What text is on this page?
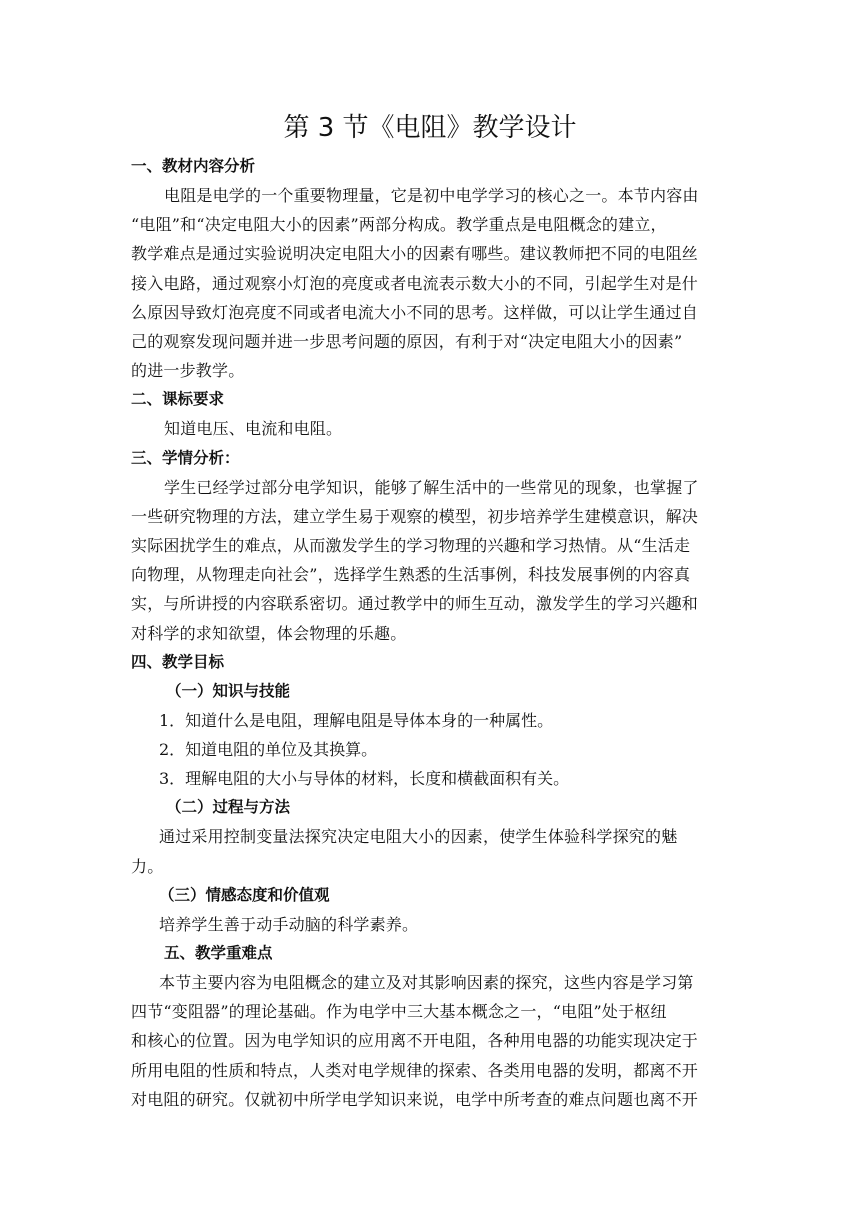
第 3 节《电阻》教学设计
一、教材内容分析
电阻是电学的一个重要物理量，它是初中电学学习的核心之一。本节内容由
“电阻”和“决定电阻大小的因素”两部分构成。教学重点是电阻概念的建立，
教学难点是通过实验说明决定电阻大小的因素有哪些。建议教师把不同的电阻丝
接入电路，通过观察小灯泡的亮度或者电流表示数大小的不同，引起学生对是什
么原因导致灯泡亮度不同或者电流大小不同的思考。这样做，可以让学生通过自
己的观察发现问题并进一步思考问题的原因，有利于对“决定电阻大小的因素”
的进一步教学。
二、课标要求
知道电压、电流和电阻。
三、学情分析：
学生已经学过部分电学知识，能够了解生活中的一些常见的现象，也掌握了
一些研究物理的方法，建立学生易于观察的模型，初步培养学生建模意识，解决
实际困扰学生的难点，从而激发学生的学习物理的兴趣和学习热情。从“生活走
向物理，从物理走向社会”，选择学生熟悉的生活事例，科技发展事例的内容真
实，与所讲授的内容联系密切。通过教学中的师生互动，激发学生的学习兴趣和
对科学的求知欲望，体会物理的乐趣。
四、教学目标
（一）知识与技能
1．知道什么是电阻，理解电阻是导体本身的一种属性。
2．知道电阻的单位及其换算。
3．理解电阻的大小与导体的材料，长度和横截面积有关。
（二）过程与方法
通过采用控制变量法探究决定电阻大小的因素，使学生体验科学探究的魅
力。
（三）情感态度和价值观
培养学生善于动手动脑的科学素养。
五、教学重难点
本节主要内容为电阻概念的建立及对其影响因素的探究，这些内容是学习第
四节“变阻器”的理论基础。作为电学中三大基本概念之一，“电阻”处于枢纽
和核心的位置。因为电学知识的应用离不开电阻，各种用电器的功能实现决定于
所用电阻的性质和特点，人类对电学规律的探索、各类用电器的发明，都离不开
对电阻的研究。仅就初中所学电学知识来说，电学中所考查的难点问题也离不开
